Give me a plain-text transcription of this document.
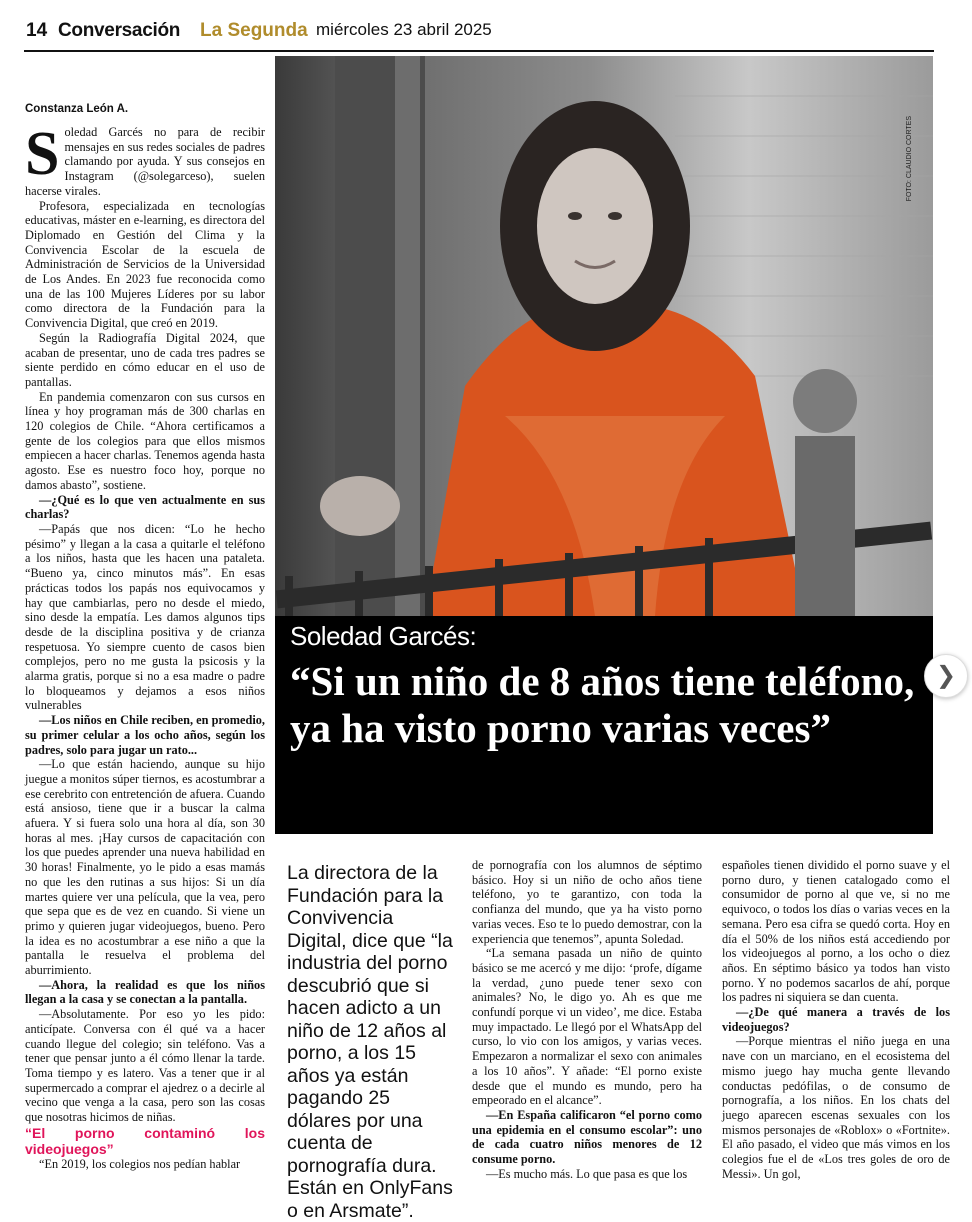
14 Conversación La Segunda miércoles 23 abril 2025
Constanza León A.

Soledad Garcés no para de recibir mensajes en sus redes sociales de padres clamando por ayuda. Y sus consejos en Instagram (@solegarceso), suelen hacerse virales.

Profesora, especializada en tecnologías educativas, máster en e-learning, es directora del Diplomado en Gestión del Clima y la Convivencia Escolar de la escuela de Administración de Servicios de la Universidad de Los Andes. En 2023 fue reconocida como una de las 100 Mujeres Líderes por su labor como directora de la Fundación para la Convivencia Digital, que creó en 2019.

Según la Radiografía Digital 2024, que acaban de presentar, uno de cada tres padres se siente perdido en cómo educar en el uso de pantallas.

En pandemia comenzaron con sus cursos en línea y hoy programan más de 300 charlas en 120 colegios de Chile. “Ahora certificamos a gente de los colegios para que ellos mismos empiecen a hacer charlas. Tenemos agenda hasta agosto. Ese es nuestro foco hoy, porque no damos abasto”, sostiene.

—¿Qué es lo que ven actualmente en sus charlas?

—Papás que nos dicen: “Lo he hecho pésimo” y llegan a la casa a quitarle el teléfono a los niños, hasta que les hacen una pataleta. “Bueno ya, cinco minutos más”. En esas prácticas todos los papás nos equivocamos y hay que cambiarlas, pero no desde el miedo, sino desde la empatía. Les damos algunos tips desde de la disciplina positiva y de crianza respetuosa. Yo siempre cuento de casos bien complejos, pero no me gusta la psicosis y la alarma gratis, porque si no a esa madre o padre lo bloqueamos y dejamos a esos niños vulnerables

—Los niños en Chile reciben, en promedio, su primer celular a los ocho años, según los padres, solo para jugar un rato...

—Lo que están haciendo, aunque su hijo juegue a monitos súper tiernos, es acostumbrar a ese cerebrito con entretención de afuera. Cuando está ansioso, tiene que ir a buscar la calma afuera. Y si fuera solo una hora al día, son 30 horas al mes. ¡Hay cursos de capacitación con los que puedes aprender una nueva habilidad en 30 horas! Finalmente, yo le pido a esas mamás no que les den rutinas a sus hijos: Si un día martes quiere ver una película, que la vea, pero que sepa que es de vez en cuando. Si viene un primo y quieren jugar videojuegos, bueno. Pero la idea es no acostumbrar a ese niño a que la pantalla le resuelva el problema del aburrimiento.

—Ahora, la realidad es que los niños llegan a la casa y se conectan a la pantalla.

—Absolutamente. Por eso yo les pido: anticípate. Conversa con él qué va a hacer cuando llegue del colegio; sin teléfono. Vas a tener que pensar junto a él cómo llenar la tarde. Toma tiempo y es latero. Vas a tener que ir al supermercado a comprar el ajedrez o a decirle al vecino que venga a la casa, pero son las cosas que nosotras hicimos de niñas.

“El porno contaminó los videojuegos”

“En 2019, los colegios nos pedían hablar

FOTO: CLAUDIO CORTES
Soledad Garcés:
“Si un niño de 8 años tiene teléfono, ya ha visto porno varias veces”
❯
La directora de la Fundación para la Convivencia Digital, dice que “la industria del porno descubrió que si hacen adicto a un niño de 12 años al porno, a los 15 años ya están pagando 25 dólares por una cuenta de pornografía dura. Están en OnlyFans o en Arsmate”.

de pornografía con los alumnos de séptimo básico. Hoy si un niño de ocho años tiene teléfono, yo te garantizo, con toda la confianza del mundo, que ya ha visto porno varias veces. Eso te lo puedo demostrar, con la experiencia que tenemos”, apunta Soledad.

“La semana pasada un niño de quinto básico se me acercó y me dijo: ‘profe, dígame la verdad, ¿uno puede tener sexo con animales? No, le digo yo. Ah es que me confundí porque vi un video’, me dice. Estaba muy impactado. Le llegó por el WhatsApp del curso, lo vio con los amigos, y varias veces. Empezaron a normalizar el sexo con animales a los 10 años”. Y añade: “El porno existe desde que el mundo es mundo, pero ha empeorado en el alcance”.

—En España calificaron “el porno como una epidemia en el consumo escolar”: uno de cada cuatro niños menores de 12 consume porno.

—Es mucho más. Lo que pasa es que los

españoles tienen dividido el porno suave y el porno duro, y tienen catalogado como el consumidor de porno al que ve, si no me equivoco, o todos los días o varias veces en la semana. Pero esa cifra se quedó corta. Hoy en día el 50% de los niños está accediendo por los videojuegos al porno, a los ocho o diez años. En séptimo básico ya todos han visto porno. Y no podemos sacarlos de ahí, porque los padres ni siquiera se dan cuenta.

—¿De qué manera a través de los videojuegos?

—Porque mientras el niño juega en una nave con un marciano, en el ecosistema del mismo juego hay mucha gente llevando conductas pedófilas, o de consumo de pornografía, a los niños. En los chats del juego aparecen escenas sexuales con los mismos personajes de «Roblox» o «Fortnite». El año pasado, el video que más vimos en los colegios fue el de «Los tres goles de oro de Messi». Un gol,
